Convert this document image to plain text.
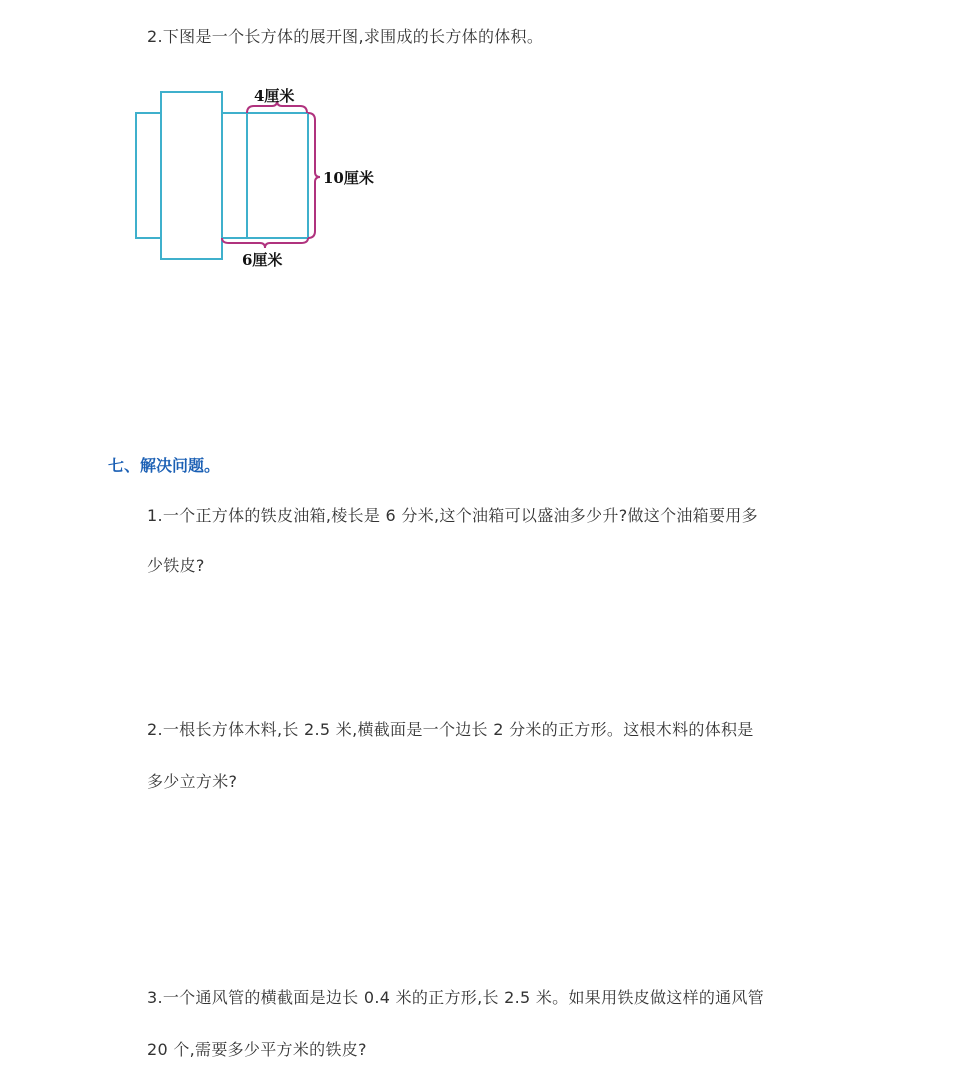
2.下图是一个长方体的展开图,求围成的长方体的体积。
4厘米
10厘米
6厘米
七、解决问题。
1.一个正方体的铁皮油箱,棱长是 6 分米,这个油箱可以盛油多少升?做这个油箱要用多
少铁皮?
2.一根长方体木料,长 2.5 米,横截面是一个边长 2 分米的正方形。这根木料的体积是
多少立方米?
3.一个通风管的横截面是边长 0.4 米的正方形,长 2.5 米。如果用铁皮做这样的通风管
20 个,需要多少平方米的铁皮?
